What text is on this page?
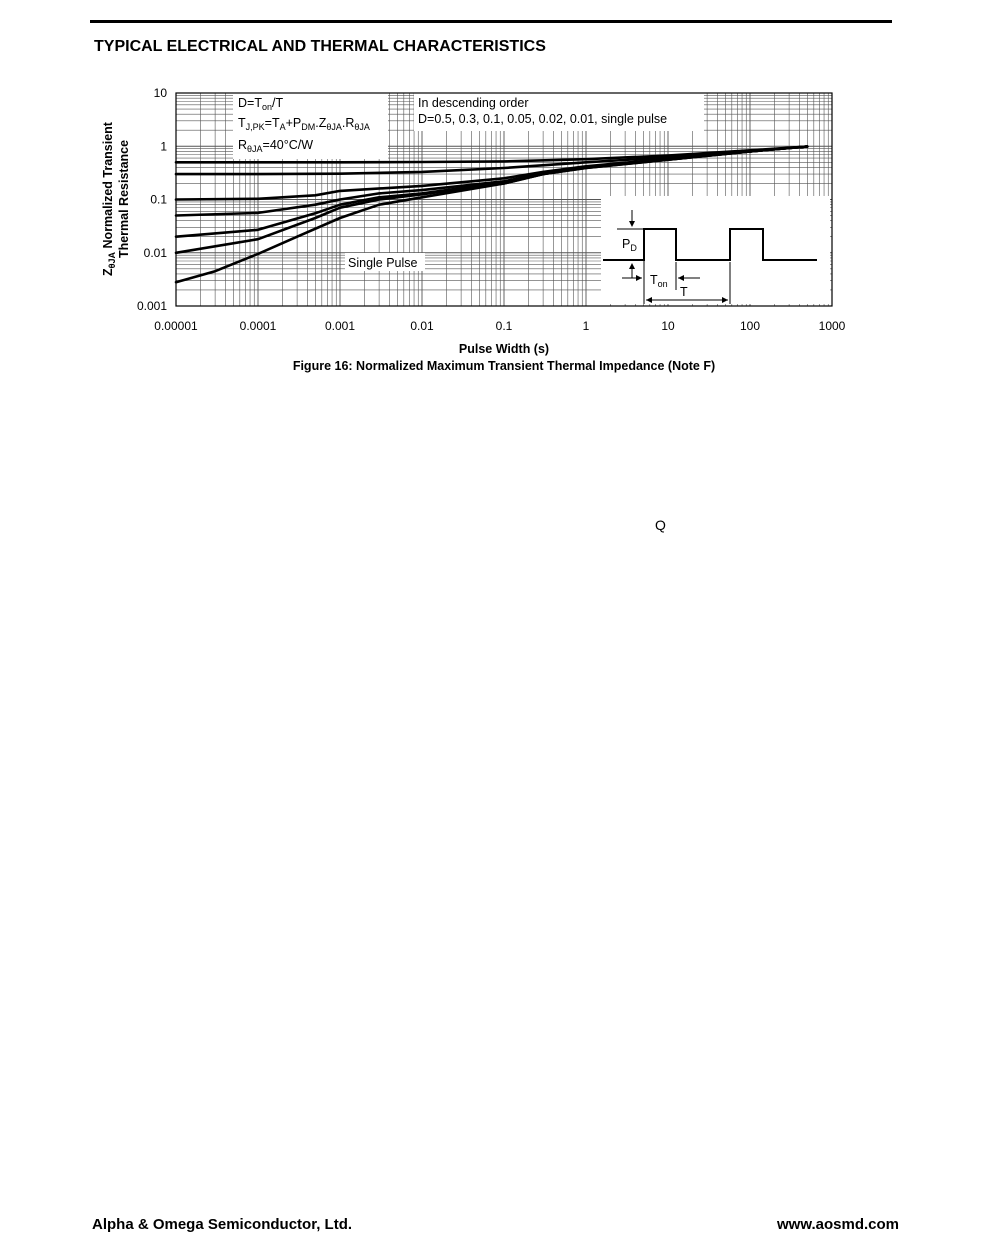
TYPICAL ELECTRICAL AND THERMAL CHARACTERISTICS
$D=T_{on}/T$
$T_{J,PK}=T_A+P_{DM}.Z_{\theta JA}.R_{\theta JA}$
$R_{\theta JA}=40^\circ C/W$
In descending order
D=0.5, 0.3, 0.1, 0.05, 0.02, 0.01, single pulse
Single Pulse
$P_D$
$T_{on}$
T
0.00001	0.0001	0.001	0.01	0.1	1	10	100	1000
0.001
0.01
0.1
1
10
Pulse Width (s)
Figure 16: Normalized Maximum Transient Thermal Impedance (Note F)
$Z_{\theta JA}$ Normalized Transient Thermal Resistance
Q
Alpha & Omega Semiconductor, Ltd.	www.aosmd.com
